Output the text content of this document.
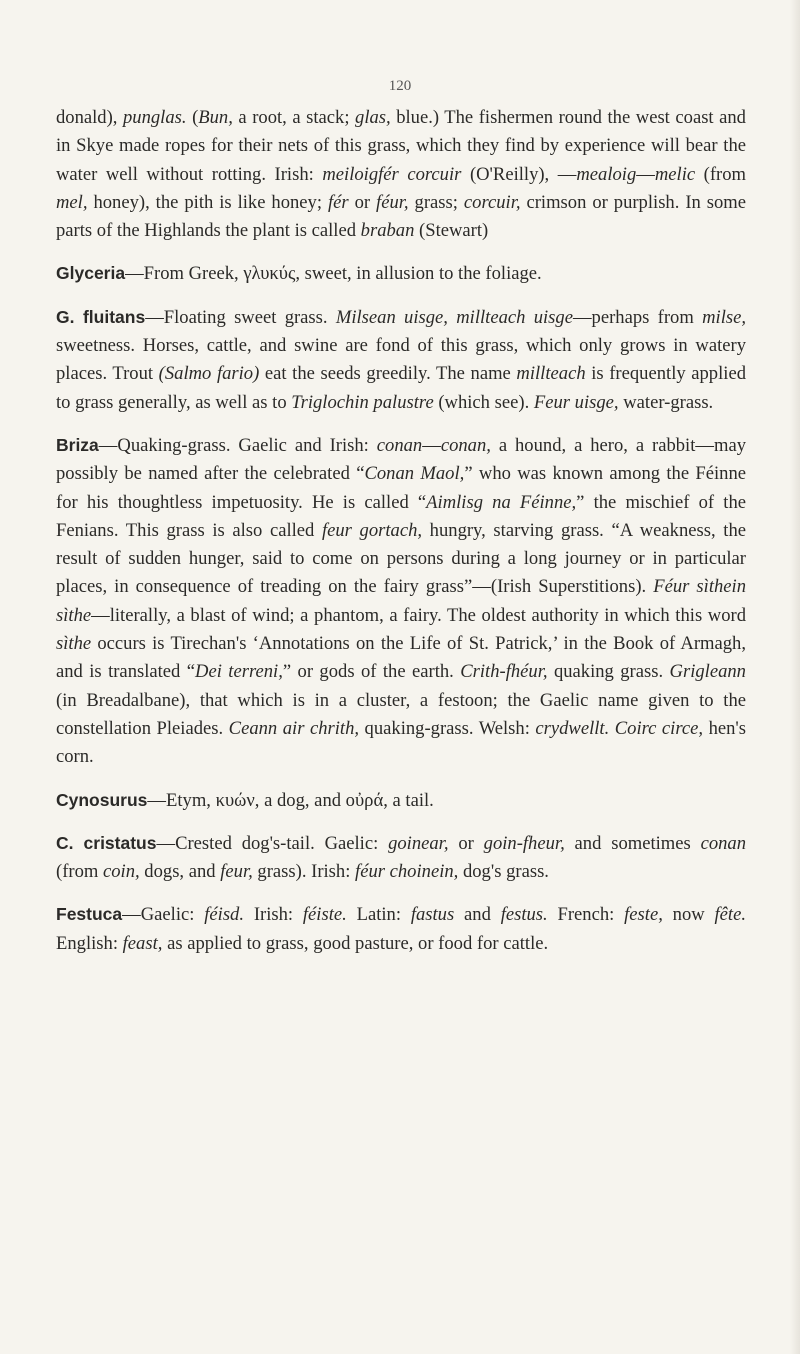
120

donald), punglas. (Bun, a root, a stack; glas, blue.) The fishermen round the west coast and in Skye made ropes for their nets of this grass, which they find by experience will bear the water well without rotting. Irish: meiloigfér corcuir (O'Reilly), —mealoig—melic (from mel, honey), the pith is like honey; fér or féur, grass; corcuir, crimson or purplish. In some parts of the Highlands the plant is called braban (Stewart)

Glyceria—From Greek, γλυκύς, sweet, in allusion to the foliage.

G. fluitans—Floating sweet grass. Milsean uisge, millteach uisge—perhaps from milse, sweetness. Horses, cattle, and swine are fond of this grass, which only grows in watery places. Trout (Salmo fario) eat the seeds greedily. The name millteach is frequently applied to grass generally, as well as to Triglochin palustre (which see). Feur uisge, water-grass.

Briza—Quaking-grass. Gaelic and Irish: conan—conan, a hound, a hero, a rabbit—may possibly be named after the celebrated “Conan Maol,” who was known among the Féinne for his thoughtless impetuosity. He is called “Aimlisg na Féinne,” the mischief of the Fenians. This grass is also called feur gortach, hungry, starving grass. “A weakness, the result of sudden hunger, said to come on persons during a long journey or in particular places, in consequence of treading on the fairy grass”—(Irish Superstitions). Féur sìthein sìthe—literally, a blast of wind; a phantom, a fairy. The oldest authority in which this word sìthe occurs is Tirechan's ‘Annotations on the Life of St. Patrick,’ in the Book of Armagh, and is translated “Dei terreni,” or gods of the earth. Crith-fhéur, quaking grass. Grigleann (in Breadalbane), that which is in a cluster, a festoon; the Gaelic name given to the constellation Pleiades. Ceann air chrith, quaking-grass. Welsh: crydwellt. Coirc circe, hen's corn.

Cynosurus—Etym, κυών, a dog, and οὐρά, a tail.

C. cristatus—Crested dog's-tail. Gaelic: goinear, or goin-fheur, and sometimes conan (from coin, dogs, and feur, grass). Irish: féur choinein, dog's grass.

Festuca—Gaelic: féisd. Irish: féiste. Latin: fastus and festus. French: feste, now fête. English: feast, as applied to grass, good pasture, or food for cattle.
